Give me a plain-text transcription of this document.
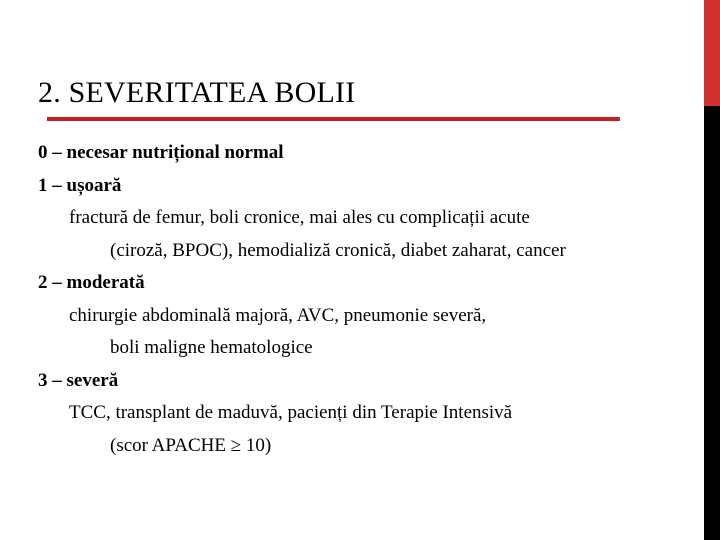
2. SEVERITATEA BOLII
0 – necesar nutrițional normal
1 – ușoară
fractură de femur, boli cronice, mai ales cu complicații acute
(ciroză, BPOC), hemodializă cronică, diabet zaharat, cancer
2 – moderată
chirurgie abdominală majoră, AVC, pneumonie severă,
boli maligne hematologice
3 – severă
TCC, transplant de maduvă, pacienți din Terapie Intensivă
(scor APACHE ≥ 10)
